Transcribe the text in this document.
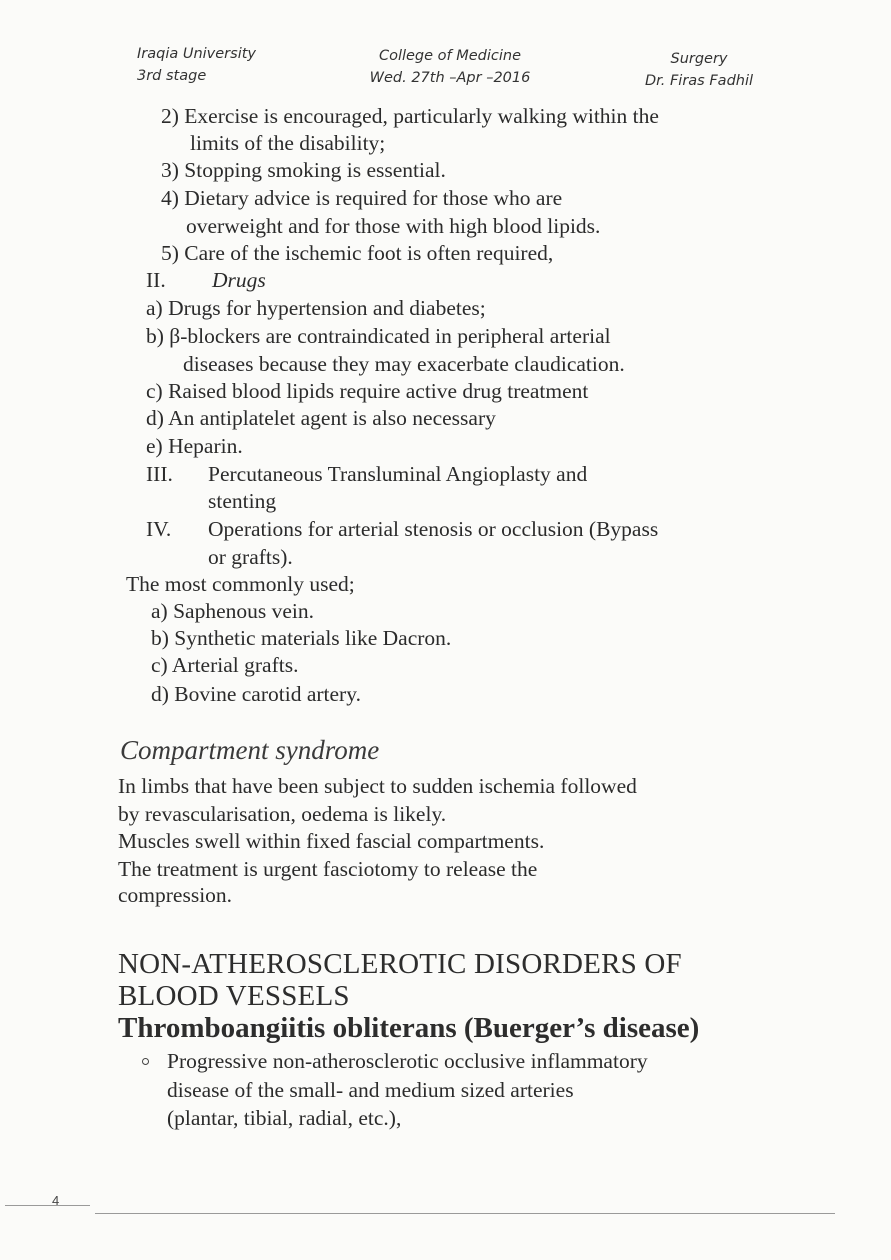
Iraqia University
3rd stage
College of Medicine
Wed. 27th –Apr –2016
Surgery
Dr. Firas Fadhil
2) Exercise is encouraged, particularly walking within the
limits of the disability;
3) Stopping smoking is essential.
4) Dietary advice is required for those who are
overweight and for those with high blood lipids.
5) Care of the ischemic foot is often required,
II. Drugs
a) Drugs for hypertension and diabetes;
b) β-blockers are contraindicated in peripheral arterial
diseases because they may exacerbate claudication.
c) Raised blood lipids require active drug treatment
d) An antiplatelet agent is also necessary
e) Heparin.
III. Percutaneous Transluminal Angioplasty and
stenting
IV. Operations for arterial stenosis or occlusion (Bypass
or grafts).
The most commonly used;
a) Saphenous vein.
b) Synthetic materials like Dacron.
c) Arterial grafts.
d) Bovine carotid artery.
Compartment syndrome
In limbs that have been subject to sudden ischemia followed
by revascularisation, oedema is likely.
Muscles swell within fixed fascial compartments.
The treatment is urgent fasciotomy to release the
compression.
NON-ATHEROSCLEROTIC DISORDERS OF
BLOOD VESSELS
Thromboangiitis obliterans (Buerger’s disease)
Progressive non-atherosclerotic occlusive inflammatory
disease of the small- and medium sized arteries
(plantar, tibial, radial, etc.),
4
